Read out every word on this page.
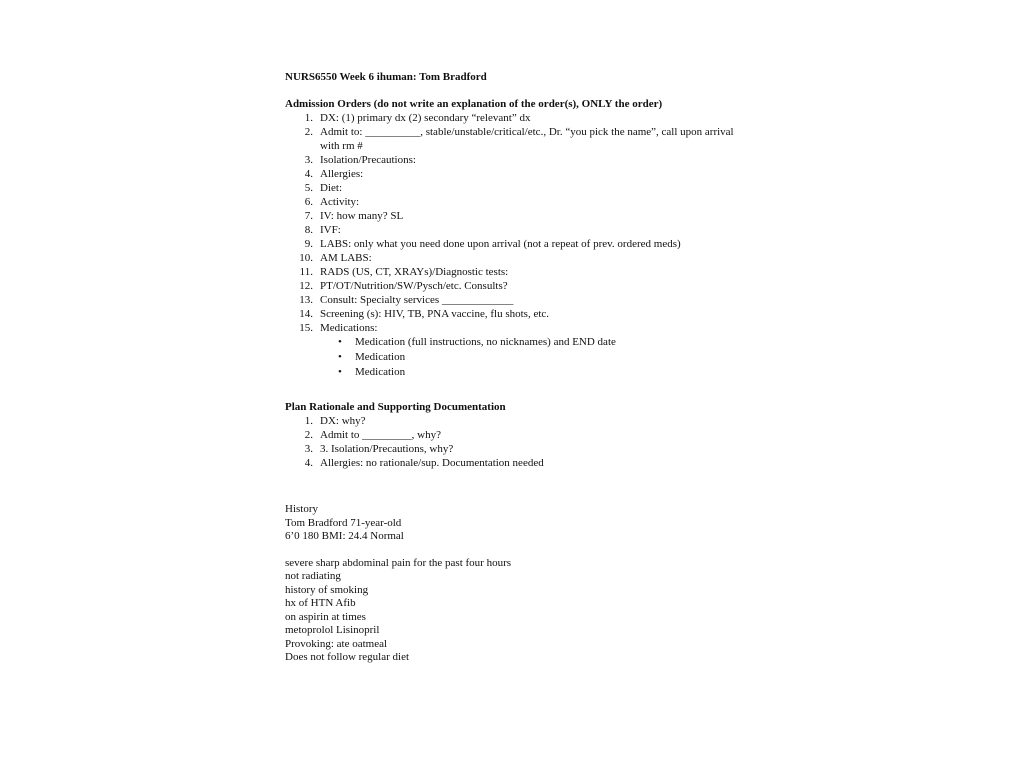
NURS6550 Week 6 ihuman: Tom Bradford

Admission Orders (do not write an explanation of the order(s), ONLY the order)

1. DX: (1) primary dx (2) secondary “relevant” dx
2. Admit to: __________, stable/unstable/critical/etc., Dr. “you pick the name”, call upon arrival with rm #
3. Isolation/Precautions:
4. Allergies:
5. Diet:
6. Activity:
7. IV: how many? SL
8. IVF:
9. LABS: only what you need done upon arrival (not a repeat of prev. ordered meds)
10. AM LABS:
11. RADS (US, CT, XRAYs)/Diagnostic tests:
12. PT/OT/Nutrition/SW/Pysch/etc. Consults?
13. Consult: Specialty services _____________
14. Screening (s): HIV, TB, PNA vaccine, flu shots, etc.
15. Medications:
• Medication (full instructions, no nicknames) and END date
• Medication
• Medication

Plan Rationale and Supporting Documentation

1. DX: why?
2. Admit to _________, why?
3. 3. Isolation/Precautions, why?
4. Allergies: no rationale/sup. Documentation needed

History

Tom Bradford 71-year-old

6’0 180 BMI: 24.4 Normal

severe sharp abdominal pain for the past four hours

not radiating

history of smoking

hx of HTN Afib

on aspirin at times

metoprolol Lisinopril

Provoking: ate oatmeal

Does not follow regular diet
